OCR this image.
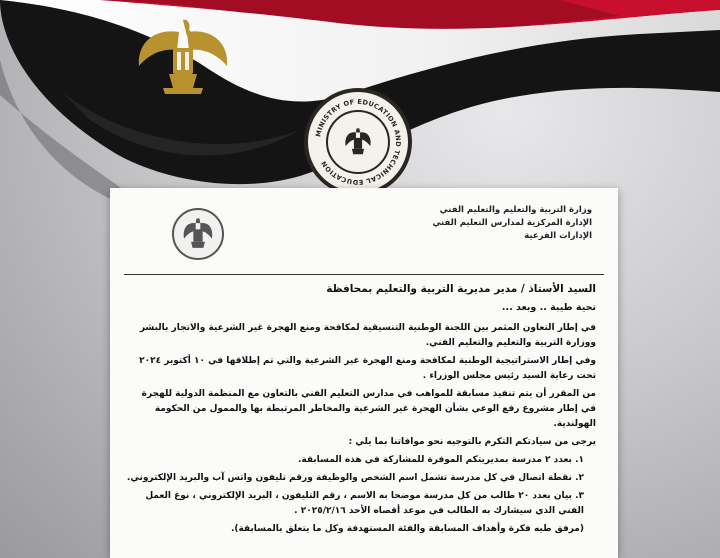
MINISTRY OF EDUCATION AND TECHNICAL EDUCATION
وزارة التربية والتعليم والتعليم الفني
الإدارة المركزية لمدارس التعليم الفني
الإدارات الفرعية

السيد الأستاذ / مدير مديرية التربية والتعليم بمحافظة

تحية طيبة .. وبعد ...

في إطار التعاون المثمر بين اللجنة الوطنية التنسيقية لمكافحة ومنع الهجرة غير الشرعية والاتجار بالبشر ووزارة التربية والتعليم والتعليم الفني.

وفي إطار الاستراتيجية الوطنية لمكافحة ومنع الهجرة غير الشرعية والتي تم إطلاقها في ١٠ أكتوبر ٢٠٢٤ تحت رعاية السيد رئيس مجلس الوزراء .

من المقرر أن يتم تنفيذ مسابقة للمواهب في مدارس التعليم الفني بالتعاون مع المنظمة الدولية للهجرة في إطار مشروع رفع الوعي بشأن الهجرة غير الشرعية والمخاطر المرتبطة بها والممول من الحكومة الهولندية.

يرجى من سيادتكم التكرم بالتوجيه نحو موافاتنا بما يلي :

١. بعدد ٢ مدرسة بمديريتكم الموفرة للمشاركة في هذه المسابقة.
٢. نقطة اتصال في كل مدرسة تشمل اسم الشخص والوظيفة ورقم تليفون واتس آب والبريد الإلكتروني.
٣. بيان بعدد ٢٠ طالب من كل مدرسة موضحا به الاسم ، رقم التليفون ، البريد الإلكتروني ، نوع العمل الفني الذي سيشارك به الطالب في موعد أقصاه الأحد ٢٠٢٥/٢/١٦ .
(مرفق طيه فكرة وأهداف المسابقة والفئة المستهدفة وكل ما يتعلق بالمسابقة).
